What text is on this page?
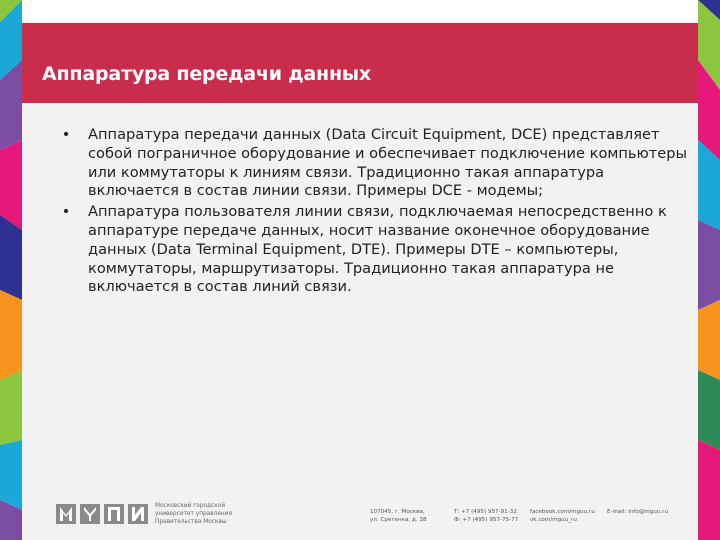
Аппаратура передачи данных
•	Аппаратура передачи данных (Data Circuit Equipment, DCE) представляет собой пограничное оборудование и обеспечивает подключение компьютеры или коммутаторы к линиям связи. Традиционно такая аппаратура включается в состав линии связи. Примеры DCE - модемы;
•	Аппаратура пользователя линии связи, подключаемая непосредственно к аппаратуре передаче данных, носит название оконечное оборудование данных (Data Terminal Equipment, DTE). Примеры DTE – компьютеры, коммутаторы, маршрутизаторы. Традиционно такая аппаратура не включается в состав линий связи.
Московский городской
университет управления
Правительства Москвы
107045, г. Москва,
ул. Сретенка, д. 28
Т: +7 (495) 957-91-32
Ф: +7 (495) 957-75-77
facebook.com/mguu.ru
vk.com/mguu_ru
E-mail: info@mguu.ru
